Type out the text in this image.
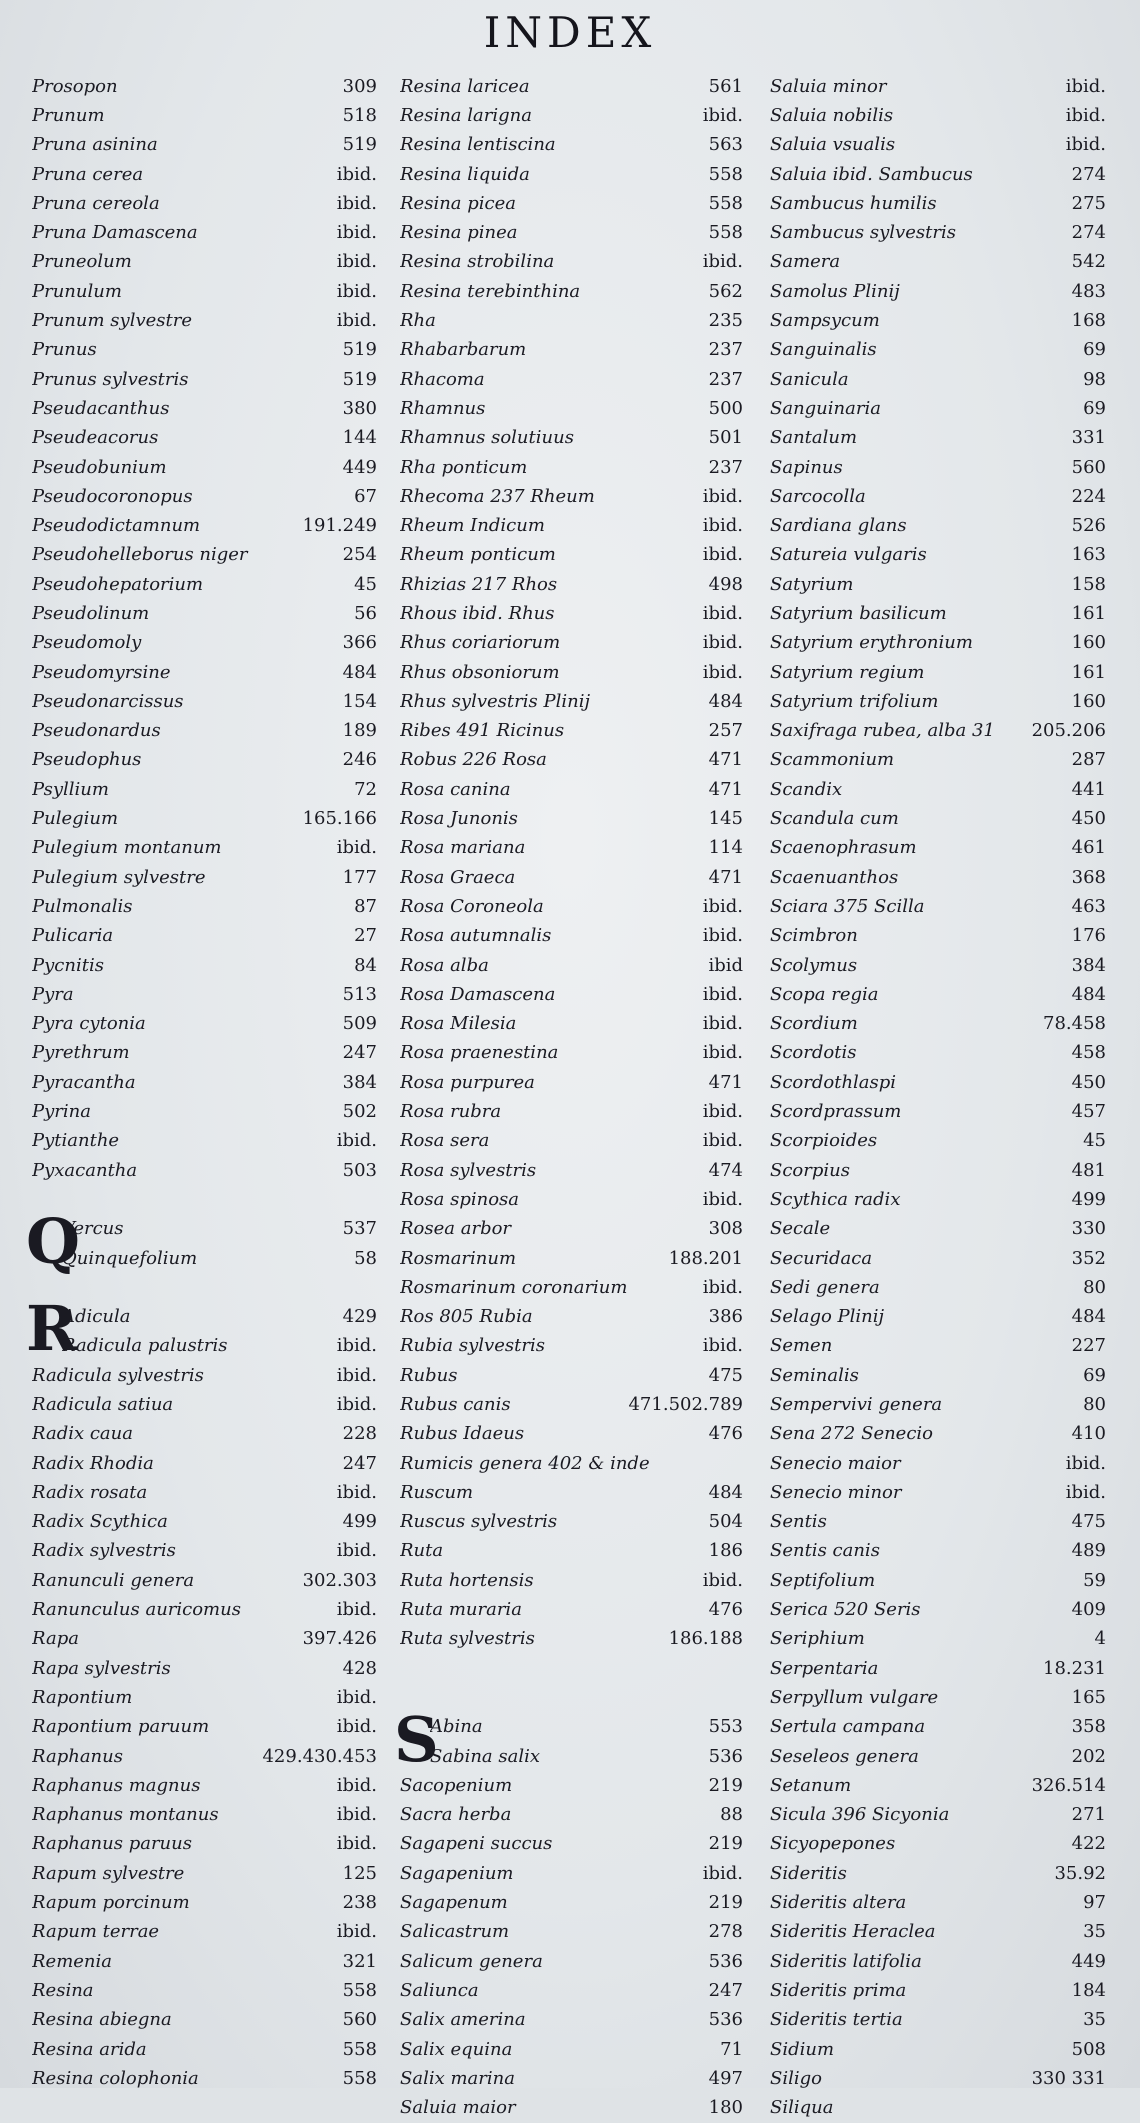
INDEX
Prosopon	309
Prunum	518
Pruna asinina	519
Pruna cerea	ibid.
Pruna cereola	ibid.
Pruna Damascena	ibid.
Pruneolum	ibid.
Prunulum	ibid.
Prunum sylvestre	ibid.
Prunus	519
Prunus sylvestris	519
Pseudacanthus	380
Pseudeacorus	144
Pseudobunium	449
Pseudocoronopus	67
Pseudodictamnum	191.249
Pseudohelleborus niger	254
Pseudohepatorium	45
Pseudolinum	56
Pseudomoly	366
Pseudomyrsine	484
Pseudonarcissus	154
Pseudonardus	189
Pseudophus	246
Psyllium	72
Pulegium	165.166
Pulegium montanum	ibid.
Pulegium sylvestre	177
Pulmonalis	87
Pulicaria	27
Pycnitis	84
Pyra	513
Pyra cytonia	509
Pyrethrum	247
Pyracantha	384
Pyrina	502
Pytianthe	ibid.
Pyxacantha	503
Vercus	537
Quinquefolium	58
Q
Adicula	429
Radicula palustris	ibid.
Radicula sylvestris	ibid.
Radicula satiua	ibid.
Radix caua	228
Radix Rhodia	247
Radix rosata	ibid.
Radix Scythica	499
Radix sylvestris	ibid.
Ranunculi genera	302.303
Ranunculus auricomus	ibid.
Rapa	397.426
Rapa sylvestris	428
Rapontium	ibid.
Rapontium paruum	ibid.
Raphanus	429.430.453
Raphanus magnus	ibid.
Raphanus montanus	ibid.
Raphanus paruus	ibid.
Rapum sylvestre	125
Rapum porcinum	238
Rapum terrae	ibid.
Remenia	321
Resina	558
Resina abiegna	560
Resina arida	558
Resina colophonia	558
R
Resina laricea	561
Resina larigna	ibid.
Resina lentiscina	563
Resina liquida	558
Resina picea	558
Resina pinea	558
Resina strobilina	ibid.
Resina terebinthina	562
Rha	235
Rhabarbarum	237
Rhacoma	237
Rhamnus	500
Rhamnus solutiuus	501
Rha ponticum	237
Rhecoma 237 Rheum	ibid.
Rheum Indicum	ibid.
Rheum ponticum	ibid.
Rhizias 217 Rhos	498
Rhous ibid. Rhus	ibid.
Rhus coriariorum	ibid.
Rhus obsoniorum	ibid.
Rhus sylvestris Plinij	484
Ribes 491 Ricinus	257
Robus 226 Rosa	471
Rosa canina	471
Rosa Junonis	145
Rosa mariana	114
Rosa Graeca	471
Rosa Coroneola	ibid.
Rosa autumnalis	ibid.
Rosa alba	ibid
Rosa Damascena	ibid.
Rosa Milesia	ibid.
Rosa praenestina	ibid.
Rosa purpurea	471
Rosa rubra	ibid.
Rosa sera	ibid.
Rosa sylvestris	474
Rosa spinosa	ibid.
Rosea arbor	308
Rosmarinum	188.201
Rosmarinum coronarium	ibid.
Ros 805 Rubia	386
Rubia sylvestris	ibid.
Rubus	475
Rubus canis	471.502.789
Rubus Idaeus	476
Rumicis genera 402 & inde
Ruscum	484
Ruscus sylvestris	504
Ruta	186
Ruta hortensis	ibid.
Ruta muraria	476
Ruta sylvestris	186.188
Abina	553
Sabina salix	536
Sacopenium	219
Sacra herba	88
Sagapeni succus	219
Sagapenium	ibid.
Sagapenum	219
Salicastrum	278
Salicum genera	536
Saliunca	247
Salix amerina	536
Salix equina	71
Salix marina	497
Saluia maior	180
S
Saluia minor	ibid.
Saluia nobilis	ibid.
Saluia vsualis	ibid.
Saluia ibid. Sambucus	274
Sambucus humilis	275
Sambucus sylvestris	274
Samera	542
Samolus Plinij	483
Sampsycum	168
Sanguinalis	69
Sanicula	98
Sanguinaria	69
Santalum	331
Sapinus	560
Sarcocolla	224
Sardiana glans	526
Satureia vulgaris	163
Satyrium	158
Satyrium basilicum	161
Satyrium erythronium	160
Satyrium regium	161
Satyrium trifolium	160
Saxifraga rubea, alba 31	205.206
Scammonium	287
Scandix	441
Scandula cum	450
Scaenophrasum	461
Scaenuanthos	368
Sciara 375 Scilla	463
Scimbron	176
Scolymus	384
Scopa regia	484
Scordium	78.458
Scordotis	458
Scordothlaspi	450
Scordprassum	457
Scorpioides	45
Scorpius	481
Scythica radix	499
Secale	330
Securidaca	352
Sedi genera	80
Selago Plinij	484
Semen	227
Seminalis	69
Sempervivi genera	80
Sena 272 Senecio	410
Senecio maior	ibid.
Senecio minor	ibid.
Sentis	475
Sentis canis	489
Septifolium	59
Serica 520 Seris	409
Seriphium	4
Serpentaria	18.231
Serpyllum vulgare	165
Sertula campana	358
Seseleos genera	202
Setanum	326.514
Sicula 396 Sicyonia	271
Sicyopepones	422
Sideritis	35.92
Sideritis altera	97
Sideritis Heraclea	35
Sideritis latifolia	449
Sideritis prima	184
Sideritis tertia	35
Sidium	508
Siligo	330 331
Siliqua
